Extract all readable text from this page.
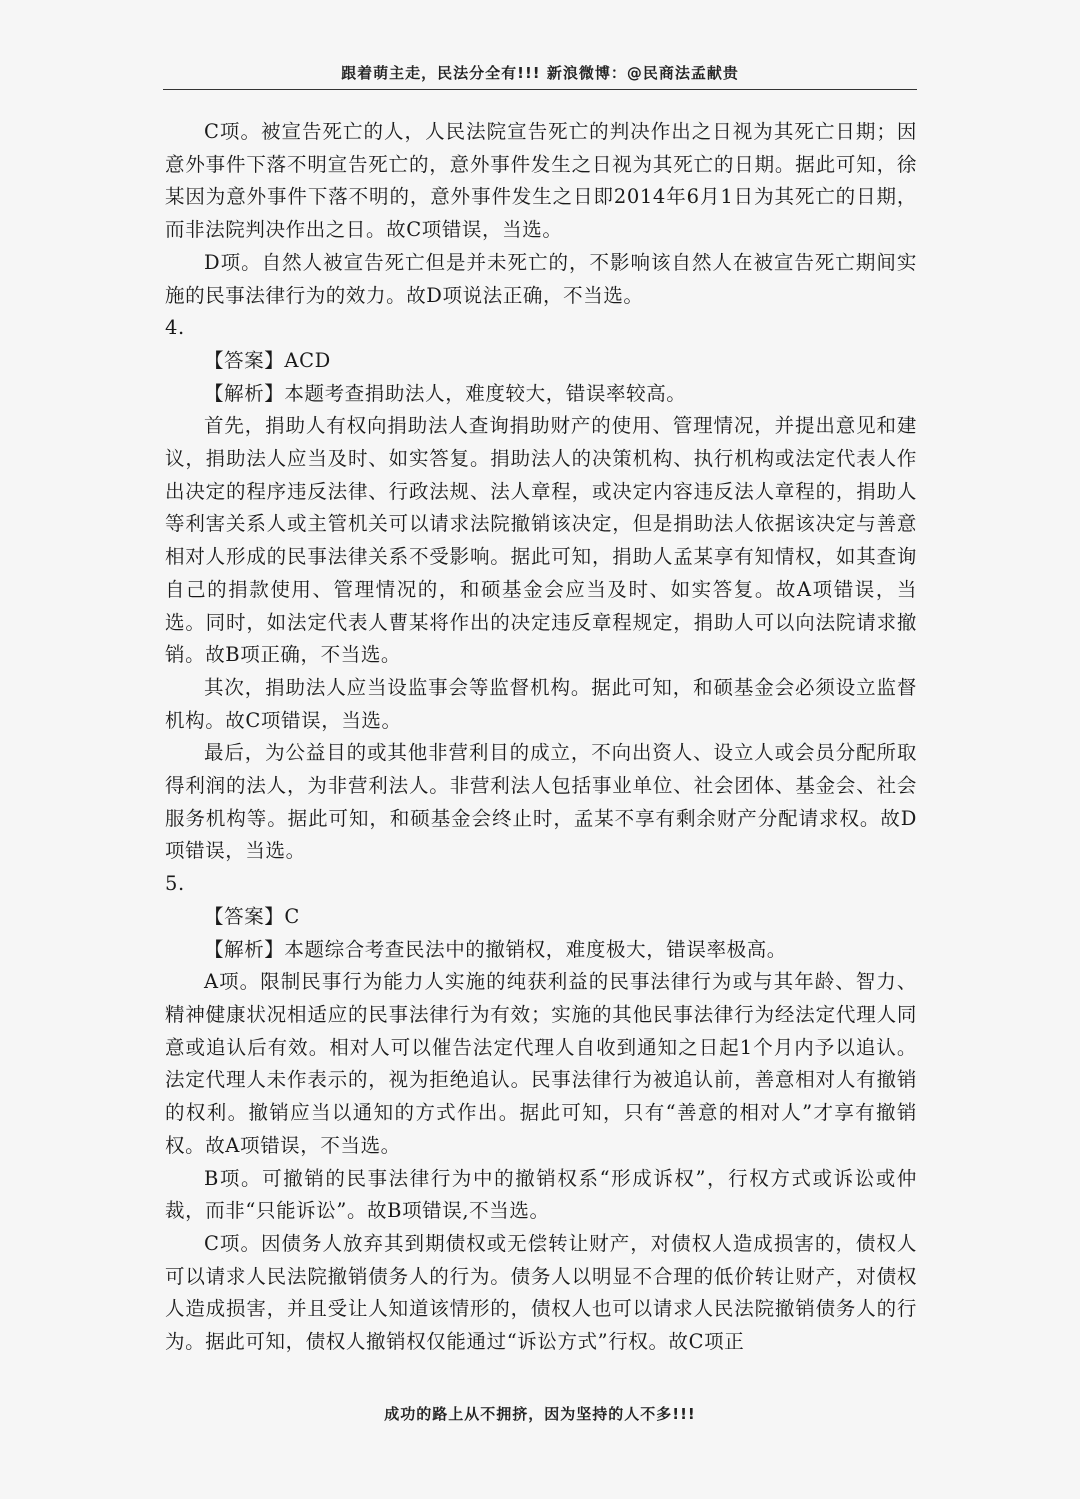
跟着萌主走，民法分全有!!! 新浪微博：@民商法孟献贵

C项。被宣告死亡的人，人民法院宣告死亡的判决作出之日视为其死亡日期；因意外事件下落不明宣告死亡的，意外事件发生之日视为其死亡的日期。据此可知，徐某因为意外事件下落不明的，意外事件发生之日即2014年6月1日为其死亡的日期，而非法院判决作出之日。故C项错误，当选。

D项。自然人被宣告死亡但是并未死亡的，不影响该自然人在被宣告死亡期间实施的民事法律行为的效力。故D项说法正确，不当选。

4.

【答案】ACD

【解析】本题考查捐助法人，难度较大，错误率较高。

首先，捐助人有权向捐助法人查询捐助财产的使用、管理情况，并提出意见和建议，捐助法人应当及时、如实答复。捐助法人的决策机构、执行机构或法定代表人作出决定的程序违反法律、行政法规、法人章程，或决定内容违反法人章程的，捐助人等利害关系人或主管机关可以请求法院撤销该决定，但是捐助法人依据该决定与善意相对人形成的民事法律关系不受影响。据此可知，捐助人孟某享有知情权，如其查询自己的捐款使用、管理情况的，和硕基金会应当及时、如实答复。故A项错误，当选。同时，如法定代表人曹某将作出的决定违反章程规定，捐助人可以向法院请求撤销。故B项正确，不当选。

其次，捐助法人应当设监事会等监督机构。据此可知，和硕基金会必须设立监督机构。故C项错误，当选。

最后，为公益目的或其他非营利目的成立，不向出资人、设立人或会员分配所取得利润的法人，为非营利法人。非营利法人包括事业单位、社会团体、基金会、社会服务机构等。据此可知，和硕基金会终止时，孟某不享有剩余财产分配请求权。故D项错误，当选。

5.

【答案】C

【解析】本题综合考查民法中的撤销权，难度极大，错误率极高。

A项。限制民事行为能力人实施的纯获利益的民事法律行为或与其年龄、智力、精神健康状况相适应的民事法律行为有效；实施的其他民事法律行为经法定代理人同意或追认后有效。相对人可以催告法定代理人自收到通知之日起1个月内予以追认。法定代理人未作表示的，视为拒绝追认。民事法律行为被追认前，善意相对人有撤销的权利。撤销应当以通知的方式作出。据此可知，只有“善意的相对人”才享有撤销权。故A项错误，不当选。

B项。可撤销的民事法律行为中的撤销权系“形成诉权”，行权方式或诉讼或仲裁，而非“只能诉讼”。故B项错误,不当选。

C项。因债务人放弃其到期债权或无偿转让财产，对债权人造成损害的，债权人可以请求人民法院撤销债务人的行为。债务人以明显不合理的低价转让财产，对债权人造成损害，并且受让人知道该情形的，债权人也可以请求人民法院撤销债务人的行为。据此可知，债权人撤销权仅能通过“诉讼方式”行权。故C项正

成功的路上从不拥挤，因为坚持的人不多!!!
